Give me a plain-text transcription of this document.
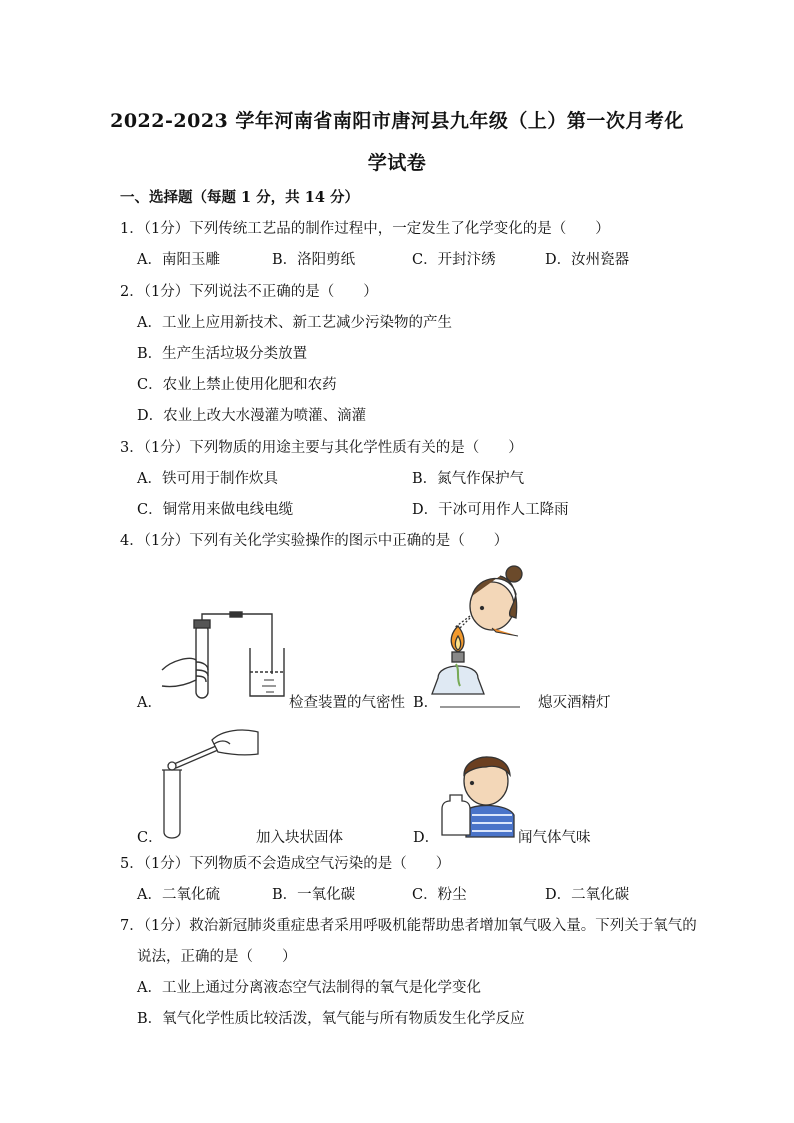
2022-2023 学年河南省南阳市唐河县九年级（上）第一次月考化
学试卷
一、选择题（每题 1 分，共 14 分）
1．（1分）下列传统工艺品的制作过程中，一定发生了化学变化的是（　　）
A．南阳玉雕	B．洛阳剪纸	C．开封汴绣	D．汝州瓷器
2．（1分）下列说法不正确的是（　　）
A．工业上应用新技术、新工艺减少污染物的产生
B．生产生活垃圾分类放置
C．农业上禁止使用化肥和农药
D．农业上改大水漫灌为喷灌、滴灌
3．（1分）下列物质的用途主要与其化学性质有关的是（　　）
A．铁可用于制作炊具	B．氮气作保护气
C．铜常用来做电线电缆	D．干冰可用作人工降雨
4．（1分）下列有关化学实验操作的图示中正确的是（　　）
A．	检查装置的气密性 B．	熄灭酒精灯
C．	加入块状固体	D．	闻气体气味
5．（1分）下列物质不会造成空气污染的是（　　）
A．二氧化硫	B．一氧化碳	C．粉尘	D．二氧化碳
7．（1分）救治新冠肺炎重症患者采用呼吸机能帮助患者增加氧气吸入量。下列关于氧气的
说法，正确的是（　　）
A．工业上通过分离液态空气法制得的氧气是化学变化
B．氧气化学性质比较活泼，氧气能与所有物质发生化学反应
